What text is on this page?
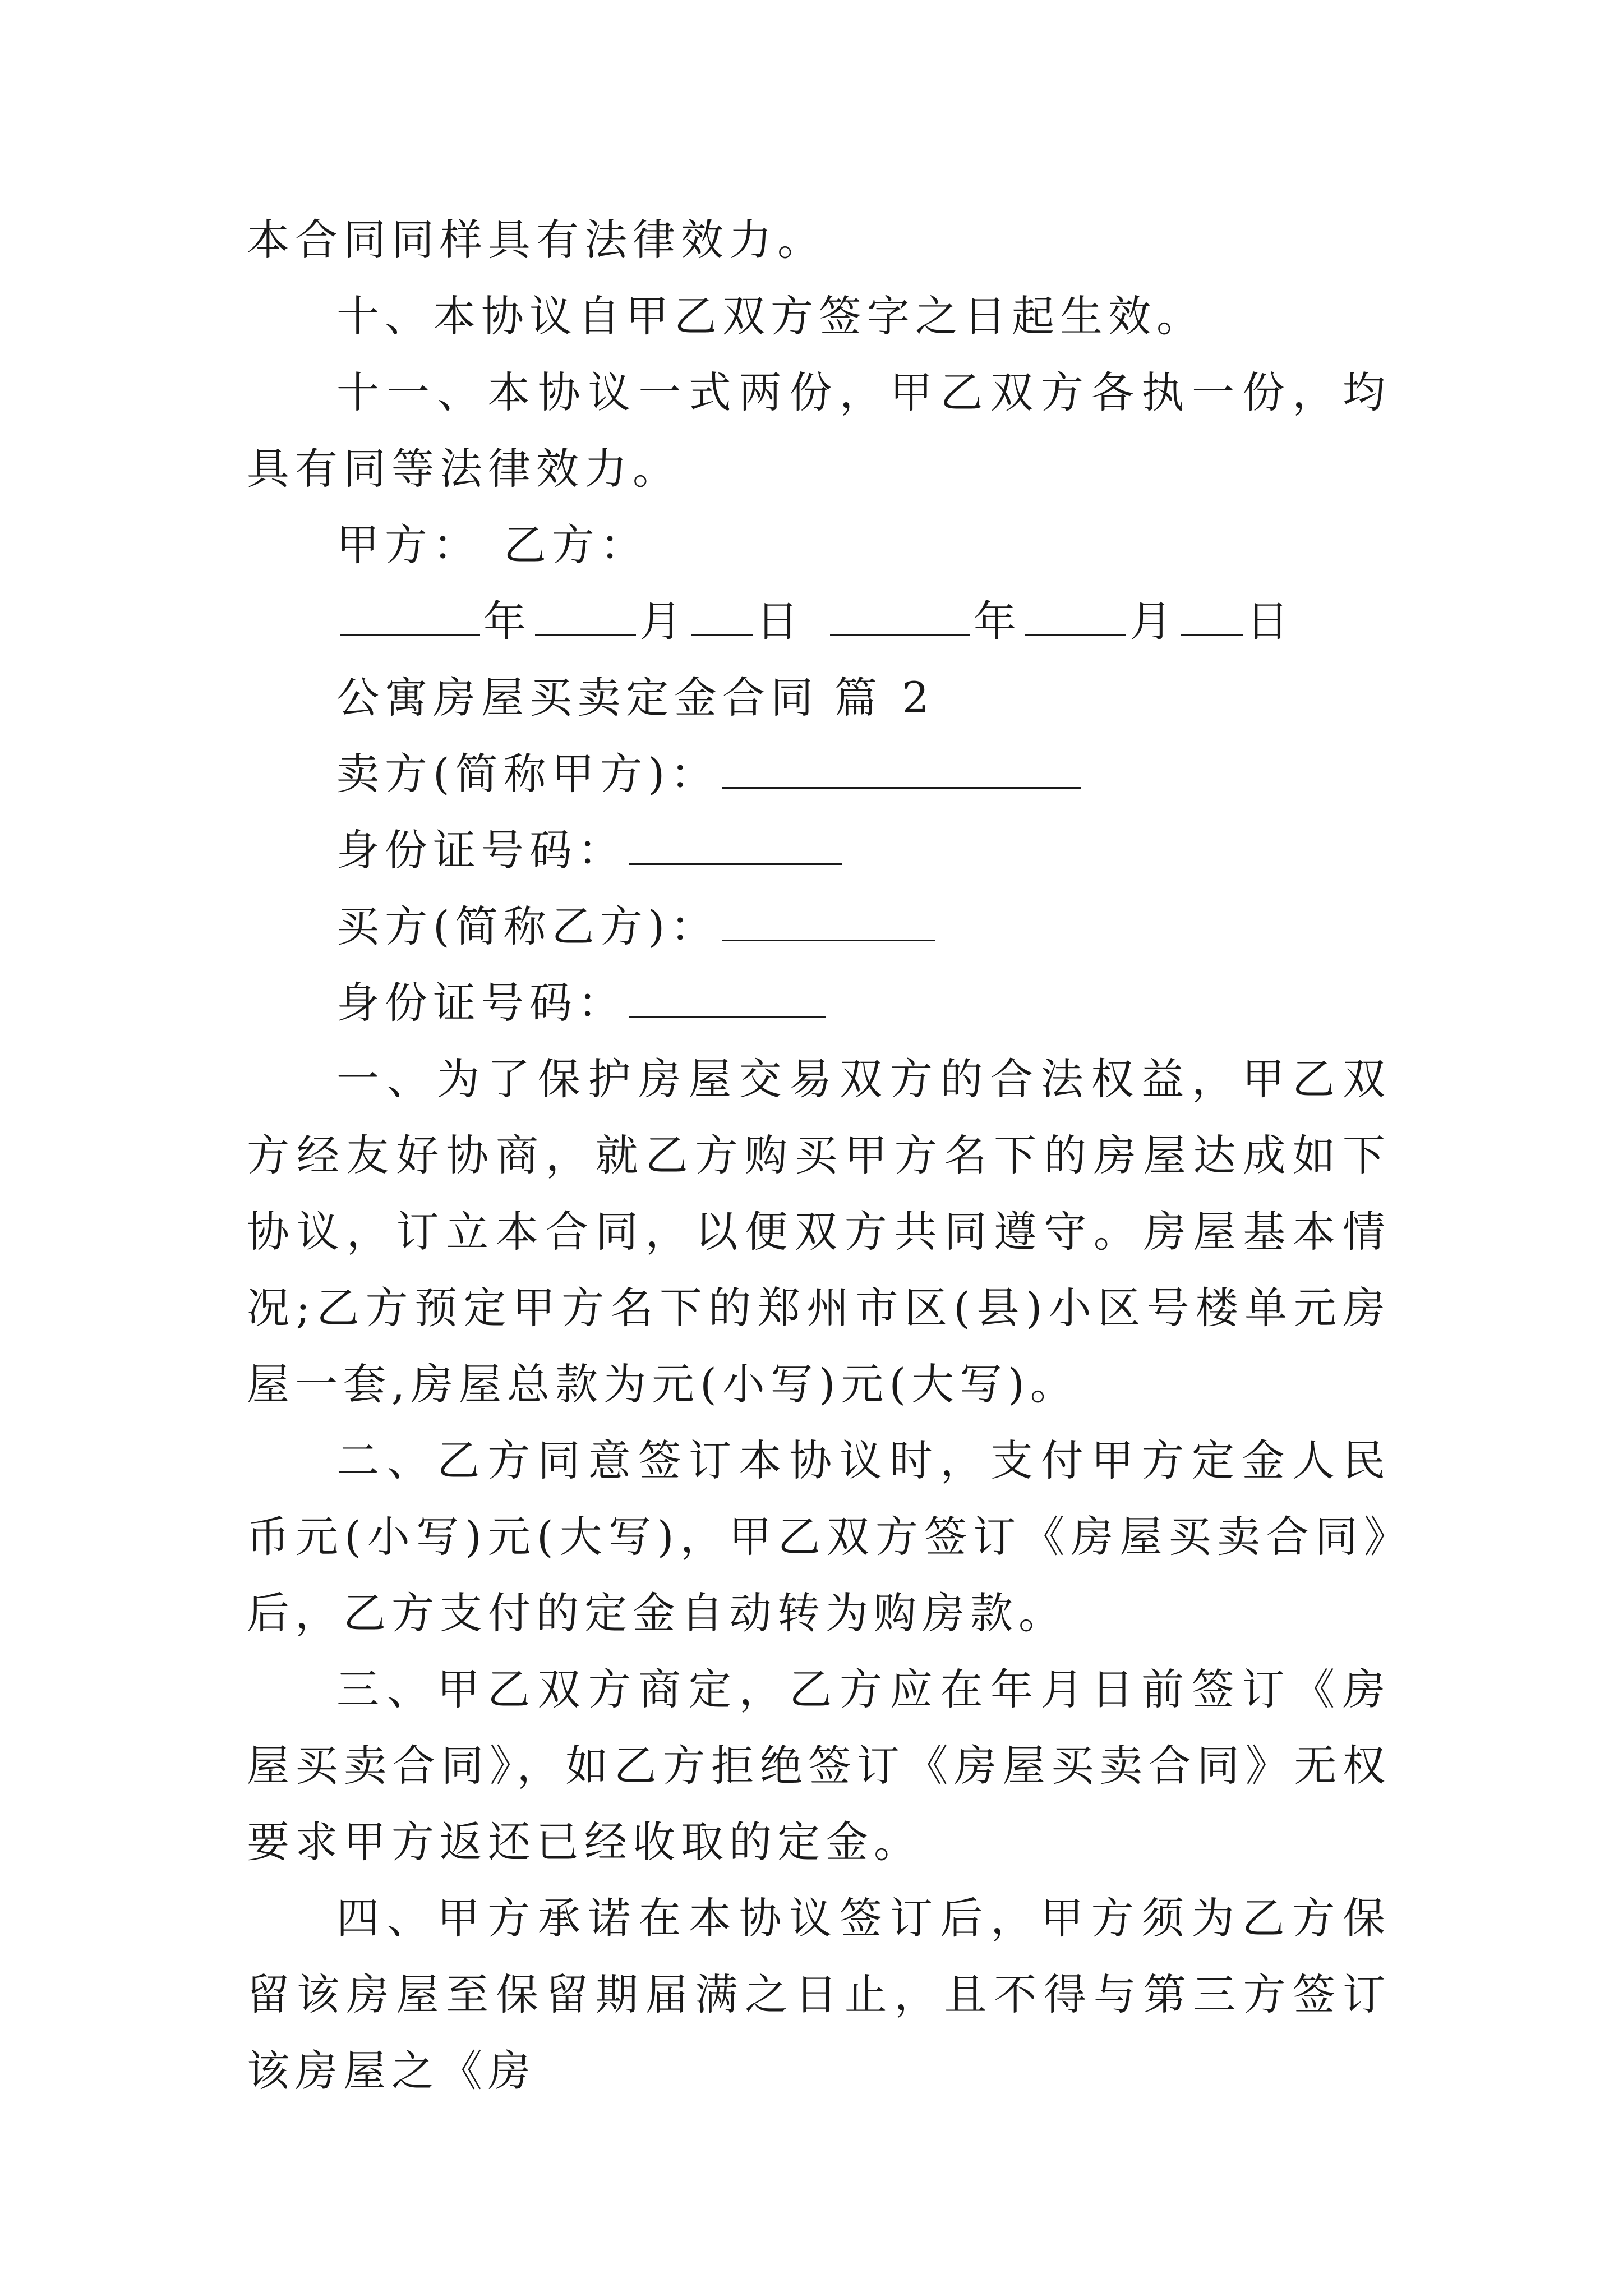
本合同同样具有法律效力。

十、本协议自甲乙双方签字之日起生效。

十一、本协议一式两份，甲乙双方各执一份，均具有同等法律效力。

甲方： 乙方：

年	月 日	年	月 日

公寓房屋买卖定金合同 篇 2

卖方(简称甲方)：

身份证号码：

买方(简称乙方)：

身份证号码：

一、为了保护房屋交易双方的合法权益，甲乙双方经友好协商，就乙方购买甲方名下的房屋达成如下协议，订立本合同，以便双方共同遵守。房屋基本情况;乙方预定甲方名下的郑州市区(县)小区号楼单元房屋一套,房屋总款为元(小写)元(大写)。

二、乙方同意签订本协议时，支付甲方定金人民币元(小写)元(大写)，甲乙双方签订《房屋买卖合同》后，乙方支付的定金自动转为购房款。

三、甲乙双方商定，乙方应在年月日前签订《房屋买卖合同》，如乙方拒绝签订《房屋买卖合同》无权要求甲方返还已经收取的定金。

四、甲方承诺在本协议签订后，甲方须为乙方保留该房屋至保留期届满之日止，且不得与第三方签订该房屋之《房
